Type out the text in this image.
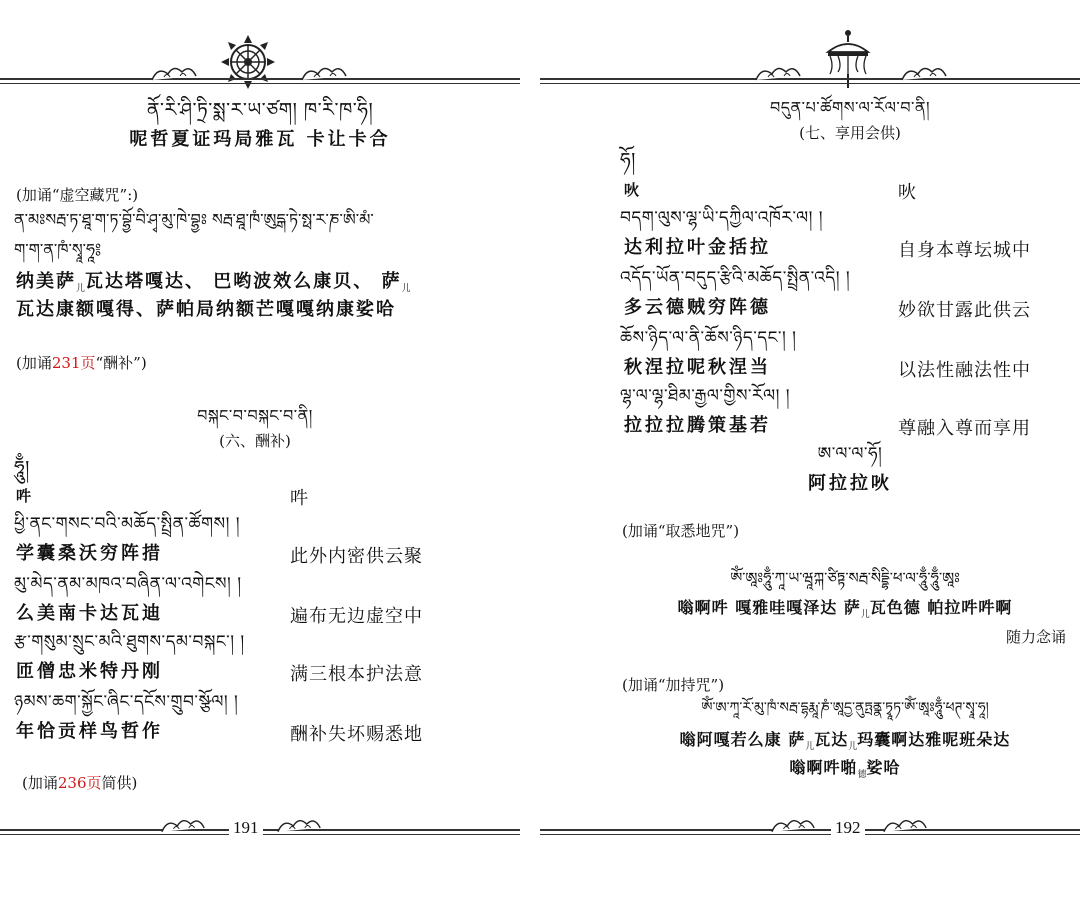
ནོ་རི་ཤི་ཏྲི་སྨ་ར་ཡ་ཙག། ཁ་རི་ཁ་ཧི།
呢哲夏证玛局雅瓦 卡让卡合
(加诵“虚空藏咒”:)
ན་མཿསརྦ་ཏ་ཐཱ་ག་ཏ་བྷྱོ་བི་ཤྭ་མུ་ཁེ་བྷྱཿ སརྦ་ཐཱ་ཁཾ་ཨུདྒ་ཏེ་སྥ་ར་ཎ་ཨི་མཾ་
ག་ག་ན་ཁཾ་སྭཱ་ཧཱ༔
纳美萨$_儿$瓦达塔嘎达、 巴哟波效么康贝、 萨$_儿$
瓦达康额嘎得、萨帕局纳额芒嘎嘎纳康娑哈
(加诵231页“酬补”)
བསྐང་བ་བསྐང་བ་ནི།
(六、酬补)
ཧཱུྃ།
吽	吽
ཕྱི་ནང་གསང་བའི་མཆོད་སྤྲིན་ཚོགས། །
学囊桑沃穷阵措	此外内密供云聚
མུ་མེད་ནམ་མཁའ་བཞིན་ལ་འགེངས། །
么美南卡达瓦迪	遍布无边虚空中
རྩ་གསུམ་སྲུང་མའི་ཐུགས་དམ་བསྐང་། །
匝僧忠米特丹刚	满三根本护法意
ཉམས་ཆག་སྐྱོང་ཞིང་དངོས་གྲུབ་སྩོལ། །
年恰贡样鸟哲作	酬补失坏赐悉地
(加诵236页简供)
191
བདུན་པ་ཚོགས་ལ་རོལ་བ་ནི།
(七、享用会供)
ཧོ།
吙	吙
བདག་ལུས་ལྷ་ཡི་དཀྱིལ་འཁོར་ལ། །
达利拉叶金括拉	自身本尊坛城中
འདོད་ཡོན་བདུད་རྩིའི་མཆོད་སྤྲིན་འདི། །
多云德贼穷阵德	妙欲甘露此供云
ཆོས་ཉིད་ལ་ནི་ཆོས་ཉིད་དང་། །
秋涅拉呢秋涅当	以法性融法性中
ལྷ་ལ་ལྷ་ཐིམ་རྒྱལ་གྱིས་རོལ། །
拉拉拉腾策基若	尊融入尊而享用
ཨ་ལ་ལ་ཧོ།
阿拉拉吙
(加诵“取悉地咒”)
ཨོཾ་ཨཱཿཧཱུྃ་ཀཱ་ཡ་ཝཱཀྐ་ཙིཏྟ་སརྦ་སིདྡྷི་ཕ་ལ་ཧཱུྃ་ཧཱུྃ་ཨཱཿ
嗡啊吽 嘎雅哇嘎泽达 萨$_儿$瓦色德 帕拉吽吽啊
随力念诵
(加诵“加持咒”)
ཨོཾ་ཨ་ཀཱ་རོ་མུ་ཁཾ་སརྦ་དྷརྨཱ་ཎཾ་ཨཱདྱ་ནུཏྤནྣ་ཏྭཱཏ་ཨོཾ་ཨཱཿཧཱུྃ་ཕཊ་སྭཱ་ཧཱ།
嗡阿嘎若么康 萨$_儿$瓦达$_儿$玛囊啊达雅呢班朵达
嗡啊吽啪$_德$娑哈
192
